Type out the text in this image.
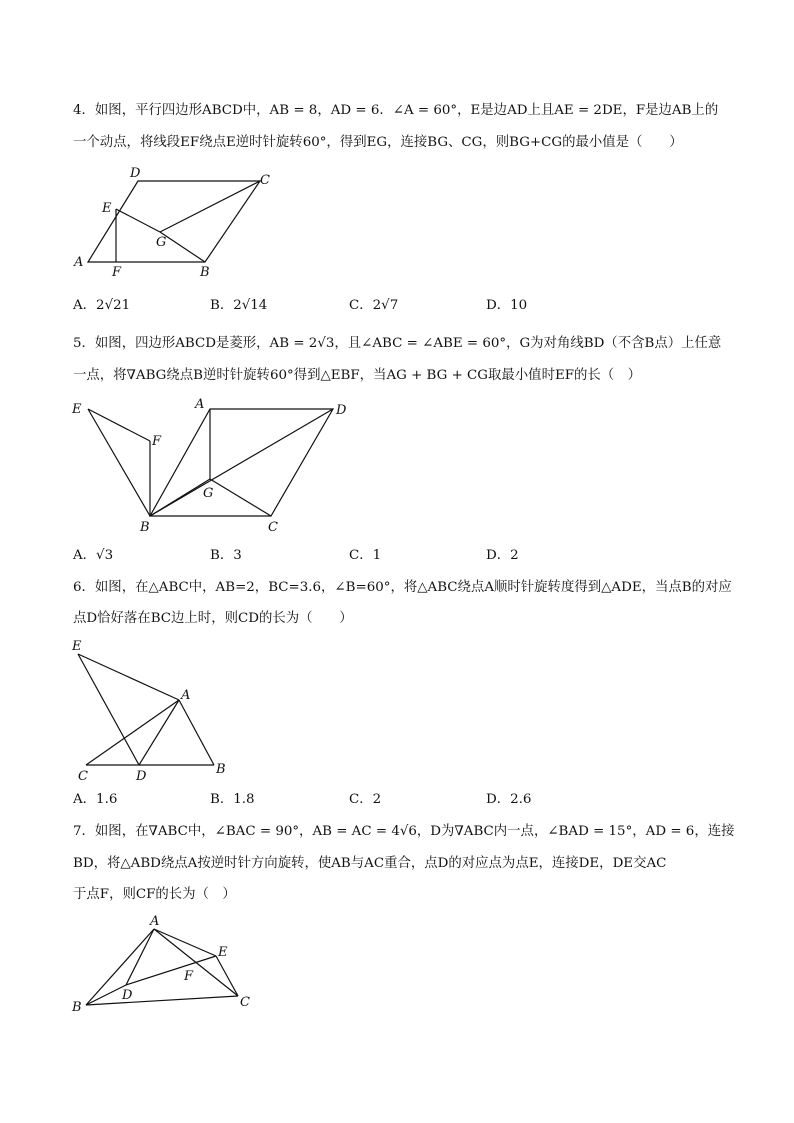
4．如图，平行四边形ABCD中，AB = 8，AD = 6．∠A = 60°，E是边AD上且AE = 2DE，F是边AB上的
一个动点，将线段EF绕点E逆时针旋转60°，得到EG，连接BG、CG，则BG+CG的最小值是（　　）
D	C
E
G
A
F	B
A．2√21	B．2√14	C．2√7	D．10
5．如图，四边形ABCD是菱形，AB = 2√3，且∠ABC = ∠ABE = 60°，G为对角线BD（不含B点）上任意
一点，将∇ABG绕点B逆时针旋转60°得到△EBF，当AG + BG + CG取最小值时EF的长（　）
E
F
A	D
G
B	C
A．√3	B．3	C．1	D．2
6．如图，在△ABC中，AB=2，BC=3.6，∠B=60°，将△ABC绕点A顺时针旋转度得到△ADE，当点B的对应
点D恰好落在BC边上时，则CD的长为（　　）
E
A
C	D	B
A．1.6	B．1.8	C．2	D．2.6
7．如图，在∇ABC中，∠BAC = 90°，AB = AC = 4√6，D为∇ABC内一点，∠BAD = 15°，AD = 6，连接
BD，将△ABD绕点A按逆时针方向旋转，使AB与AC重合，点D的对应点为点E，连接DE，DE交AC
于点F，则CF的长为（　）
A
E
F
D
B	C
